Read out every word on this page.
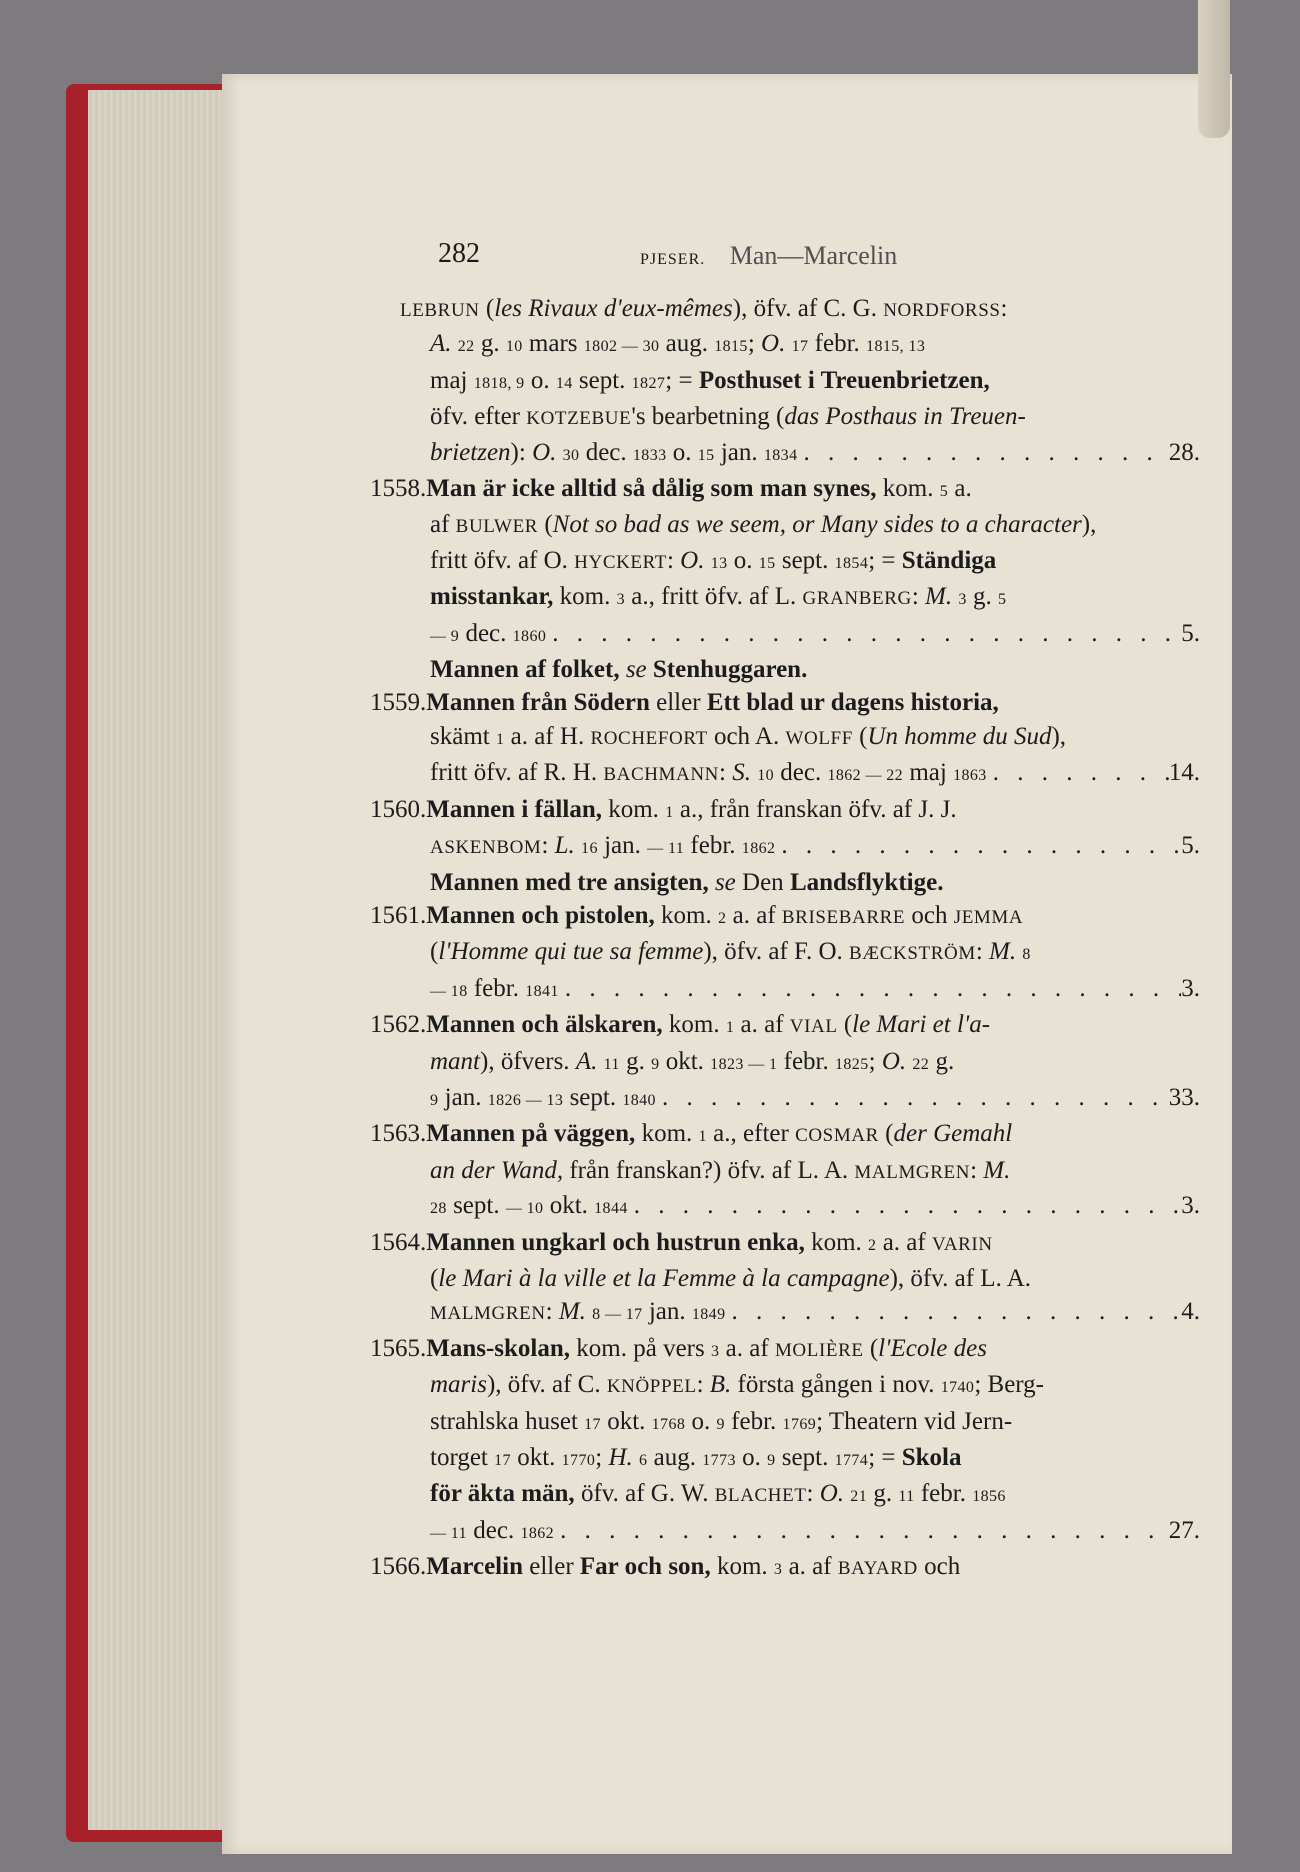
282	PJESER. Man—Marcelin
LEBRUN (les Rivaux d'eux-mêmes), öfv. af C. G. NORDFORSS:
A. 22 g. 10 mars 1802 — 30 aug. 1815; O. 17 febr. 1815, 13
maj 1818, 9 o. 14 sept. 1827; = Posthuset i Treuenbrietzen,
öfv. efter KOTZEBUE's bearbetning (das Posthaus in Treuen-
brietzen): O. 30 dec. 1833 o. 15 jan. 1834 . . .	28.
1558.Man är icke alltid så dålig som man synes, kom. 5 a.
af BULWER (Not so bad as we seem, or Many sides to a character),
fritt öfv. af O. HYCKERT: O. 13 o. 15 sept. 1854; = Ständiga
misstankar, kom. 3 a., fritt öfv. af L. GRANBERG: M. 3 g. 5
— 9 dec. 1860 . . .	5.
Mannen af folket, se Stenhuggaren.
1559.Mannen från Södern eller Ett blad ur dagens historia,
skämt 1 a. af H. ROCHEFORT och A. WOLFF (Un homme du Sud),
fritt öfv. af R. H. BACHMANN: S. 10 dec. 1862 — 22 maj 1863 . . .	14.
1560.Mannen i fällan, kom. 1 a., från franskan öfv. af J. J.
ASKENBOM: L. 16 jan. — 11 febr. 1862 . . .	5.
Mannen med tre ansigten, se Den Landsflyktige.
1561.Mannen och pistolen, kom. 2 a. af BRISEBARRE och JEMMA
(l'Homme qui tue sa femme), öfv. af F. O. BÆCKSTRÖM: M. 8
— 18 febr. 1841 . . .	3.
1562.Mannen och älskaren, kom. 1 a. af VIAL (le Mari et l'a-
mant), öfvers. A. 11 g. 9 okt. 1823 — 1 febr. 1825; O. 22 g.
9 jan. 1826 — 13 sept. 1840 . . .	33.
1563.Mannen på väggen, kom. 1 a., efter COSMAR (der Gemahl
an der Wand, från franskan?) öfv. af L. A. MALMGREN: M.
28 sept. — 10 okt. 1844 . . .	3.
1564.Mannen ungkarl och hustrun enka, kom. 2 a. af VARIN
(le Mari à la ville et la Femme à la campagne), öfv. af L. A.
MALMGREN: M. 8 — 17 jan. 1849 . . .	4.
1565.Mans-skolan, kom. på vers 3 a. af MOLIÈRE (l'Ecole des
maris), öfv. af C. KNÖPPEL: B. första gången i nov. 1740; Berg-
strahlska huset 17 okt. 1768 o. 9 febr. 1769; Theatern vid Jern-
torget 17 okt. 1770; H. 6 aug. 1773 o. 9 sept. 1774; = Skola
för äkta män, öfv. af G. W. BLACHET: O. 21 g. 11 febr. 1856
— 11 dec. 1862 . . .	27.
1566.Marcelin eller Far och son, kom. 3 a. af BAYARD och
